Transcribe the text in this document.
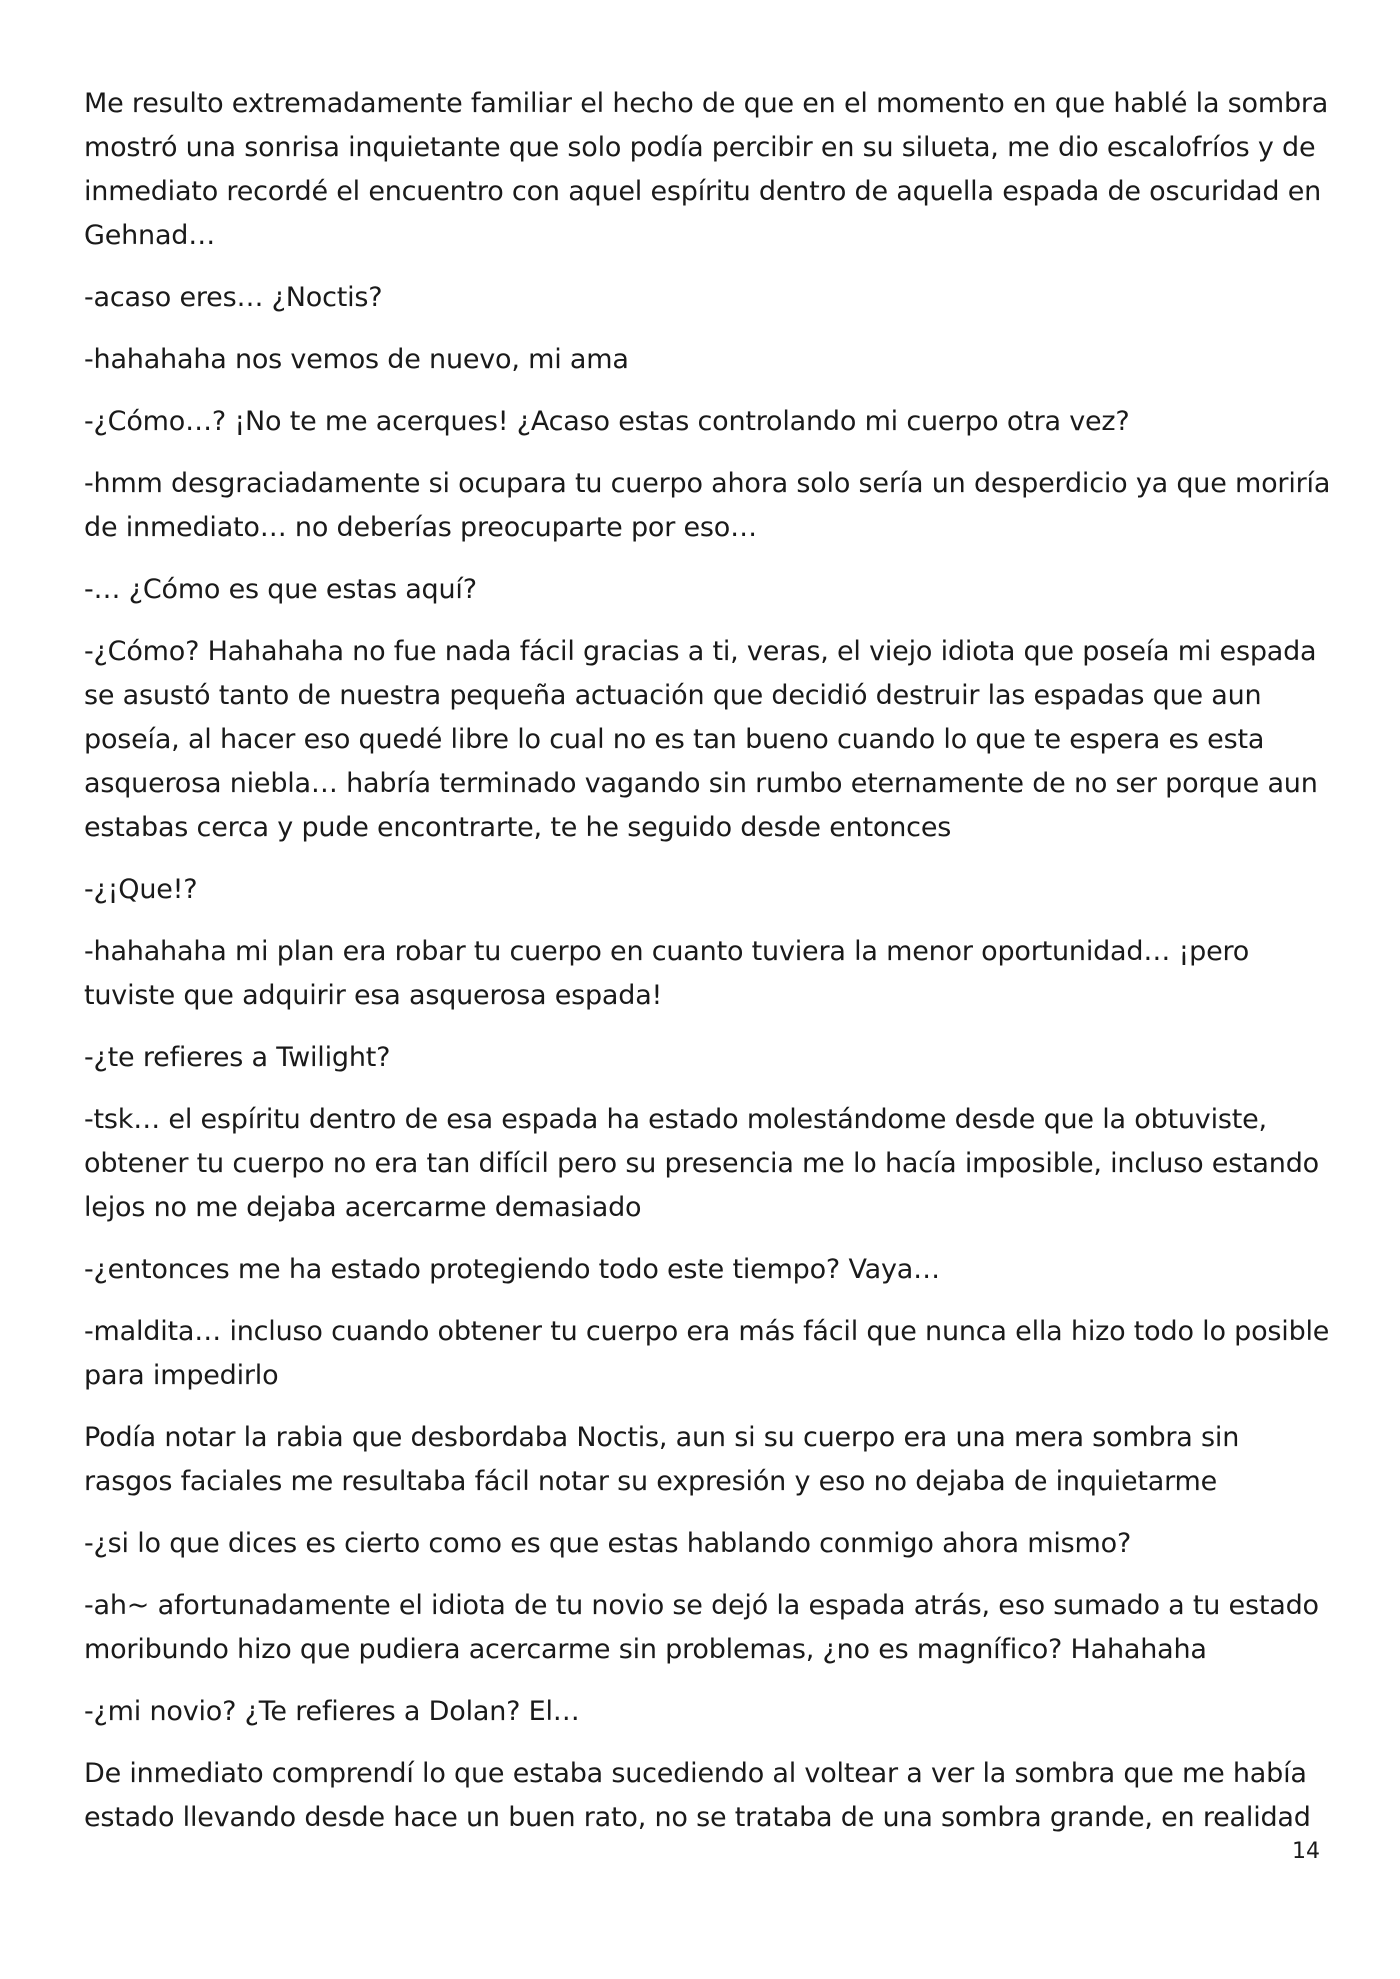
Me resulto extremadamente familiar el hecho de que en el momento en que hablé la sombra mostró una sonrisa inquietante que solo podía percibir en su silueta, me dio escalofríos y de inmediato recordé el encuentro con aquel espíritu dentro de aquella espada de oscuridad en Gehnad…

-acaso eres… ¿Noctis?

-hahahaha nos vemos de nuevo, mi ama

-¿Cómo…? ¡No te me acerques! ¿Acaso estas controlando mi cuerpo otra vez?

-hmm desgraciadamente si ocupara tu cuerpo ahora solo sería un desperdicio ya que moriría de inmediato… no deberías preocuparte por eso…

-… ¿Cómo es que estas aquí?

-¿Cómo? Hahahaha no fue nada fácil gracias a ti, veras, el viejo idiota que poseía mi espada se asustó tanto de nuestra pequeña actuación que decidió destruir las espadas que aun poseía, al hacer eso quedé libre lo cual no es tan bueno cuando lo que te espera es esta asquerosa niebla… habría terminado vagando sin rumbo eternamente de no ser porque aun estabas cerca y pude encontrarte, te he seguido desde entonces

-¿¡Que!?

-hahahaha mi plan era robar tu cuerpo en cuanto tuviera la menor oportunidad… ¡pero tuviste que adquirir esa asquerosa espada!

-¿te refieres a Twilight?

-tsk… el espíritu dentro de esa espada ha estado molestándome desde que la obtuviste, obtener tu cuerpo no era tan difícil pero su presencia me lo hacía imposible, incluso estando lejos no me dejaba acercarme demasiado

-¿entonces me ha estado protegiendo todo este tiempo? Vaya…

-maldita… incluso cuando obtener tu cuerpo era más fácil que nunca ella hizo todo lo posible para impedirlo

Podía notar la rabia que desbordaba Noctis, aun si su cuerpo era una mera sombra sin rasgos faciales me resultaba fácil notar su expresión y eso no dejaba de inquietarme

-¿si lo que dices es cierto como es que estas hablando conmigo ahora mismo?

-ah~ afortunadamente el idiota de tu novio se dejó la espada atrás, eso sumado a tu estado moribundo hizo que pudiera acercarme sin problemas, ¿no es magnífico? Hahahaha

-¿mi novio? ¿Te refieres a Dolan? El…

De inmediato comprendí lo que estaba sucediendo al voltear a ver la sombra que me había estado llevando desde hace un buen rato, no se trataba de una sombra grande, en realidad

14
